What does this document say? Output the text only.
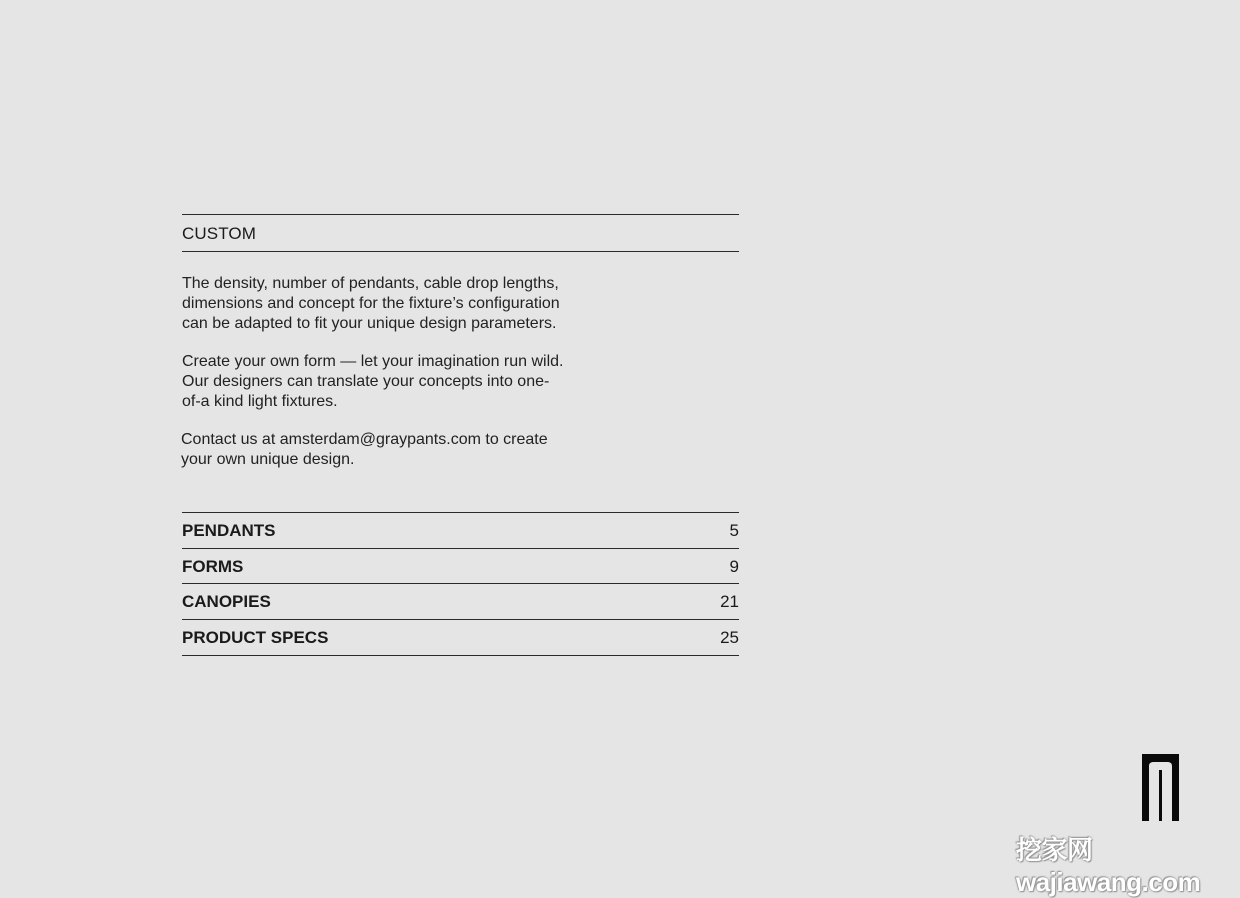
CUSTOM
The density, number of pendants, cable drop lengths,
dimensions and concept for the fixture’s configuration
can be adapted to fit your unique design parameters.
Create your own form — let your imagination run wild.
Our designers can translate your concepts into one-
of-a kind light fixtures.
Contact us at amsterdam@graypants.com to create
your own unique design.
PENDANTS	5
FORMS	9
CANOPIES	21
PRODUCT SPECS	25
挖家网 wajiawang.com
